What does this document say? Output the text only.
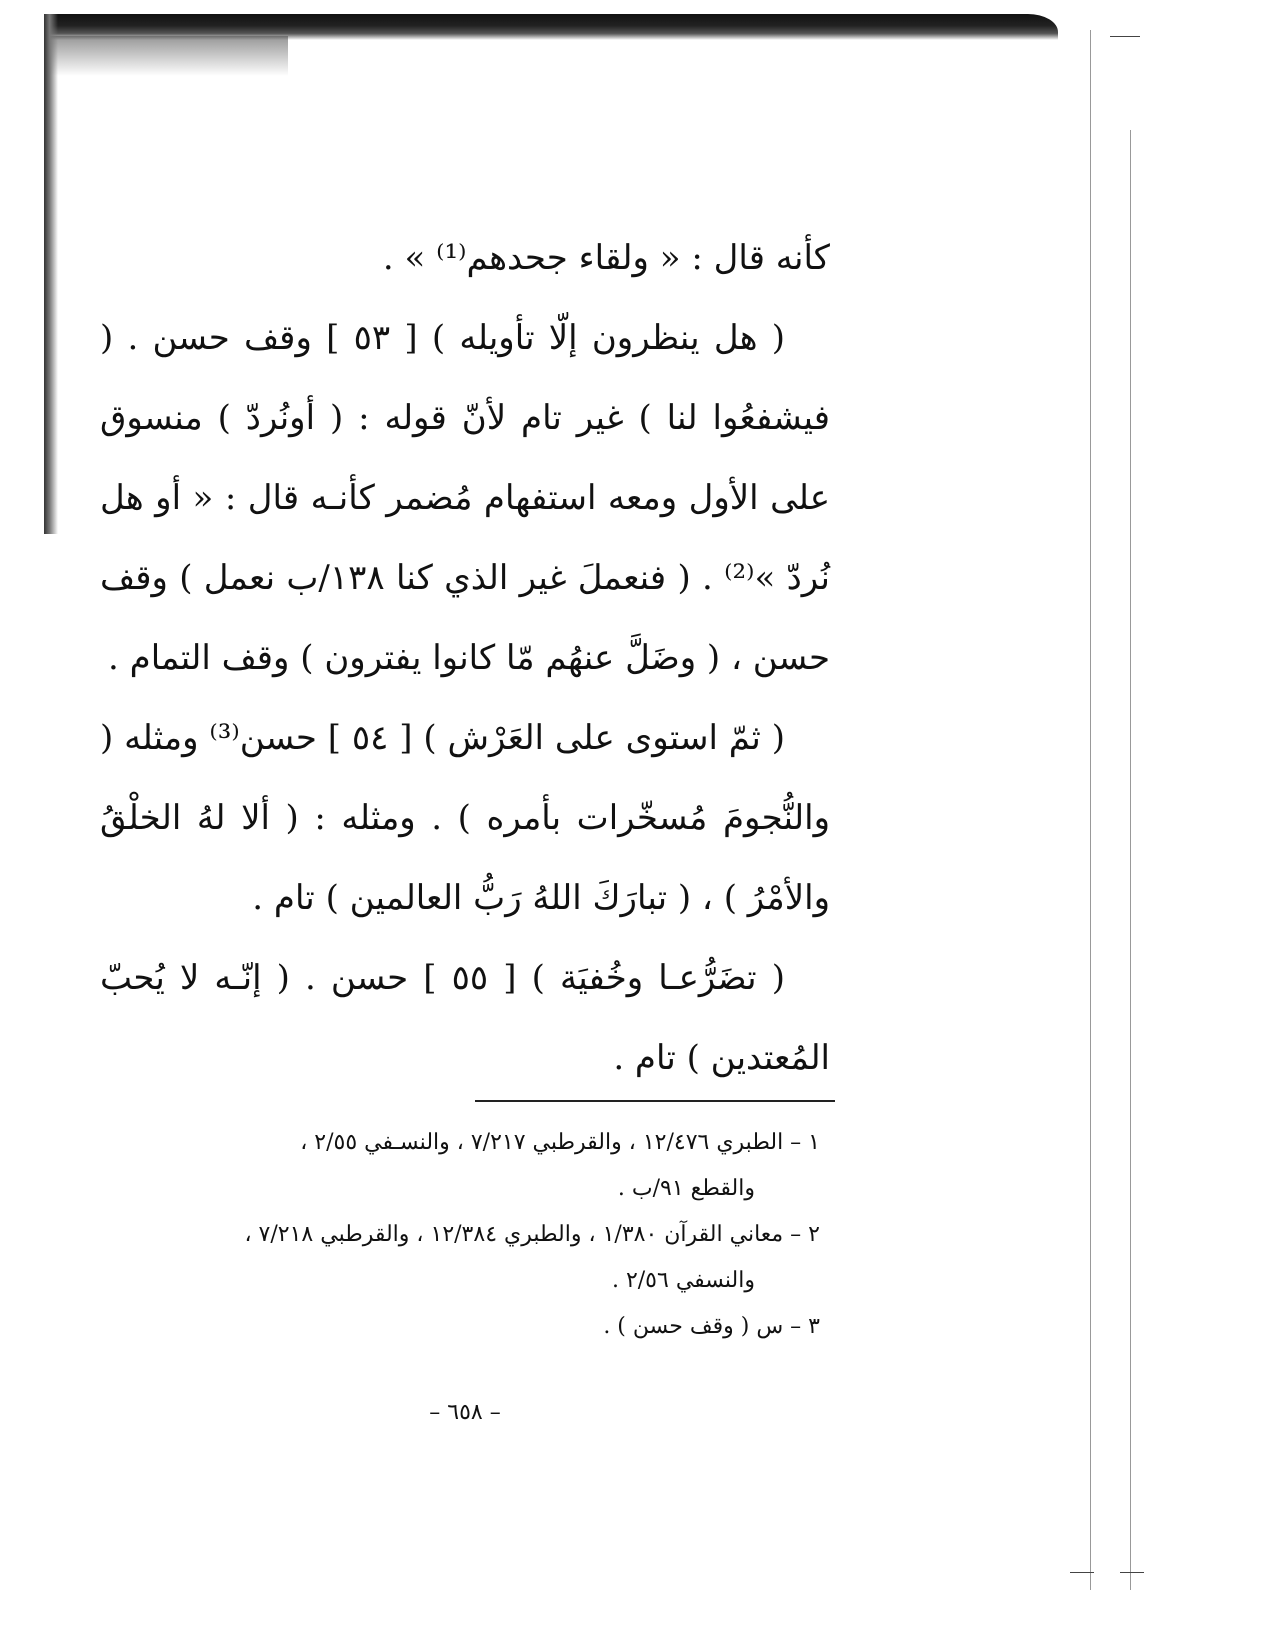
كأنه قال : « ولقاء جحدهم⁽¹⁾ » .

( هل ينظرون إلّا تأويله ) [ ٥٣ ] وقف حسن . ( فيشفعُوا لنا ) غير تام لأنّ قوله : ( أونُردّ ) منسوق على الأول ومعه استفهام مُضمر كأنـه قال : « أو هل نُردّ »⁽²⁾ . ( فنعملَ غير الذي كنا ١٣٨/ب نعمل ) وقف حسن ، ( وضَلَّ عنهُم مّا كانوا يفترون ) وقف التمام .

( ثمّ استوى على العَرْش ) [ ٥٤ ] حسن⁽³⁾ ومثله ( والنُّجومَ مُسخّرات بأمره ) . ومثله : ( ألا لهُ الخلْقُ والأمْرُ ) ، ( تبارَكَ اللهُ رَبُّ العالمين ) تام .

( تضَرُّعـا وخُفيَة ) [ ٥٥ ] حسن . ( إنّـه لا يُحبّ المُعتدين ) تام .

١ – الطبري ١٢/٤٧٦ ، والقرطبي ٧/٢١٧ ، والنسـفي ٢/٥٥ ،
والقطع ٩١/ب .
٢ – معاني القرآن ١/٣٨٠ ، والطبري ١٢/٣٨٤ ، والقرطبي ٧/٢١٨ ،
والنسفي ٢/٥٦ .
٣ – س ( وقف حسن ) .
– ٦٥٨ –
